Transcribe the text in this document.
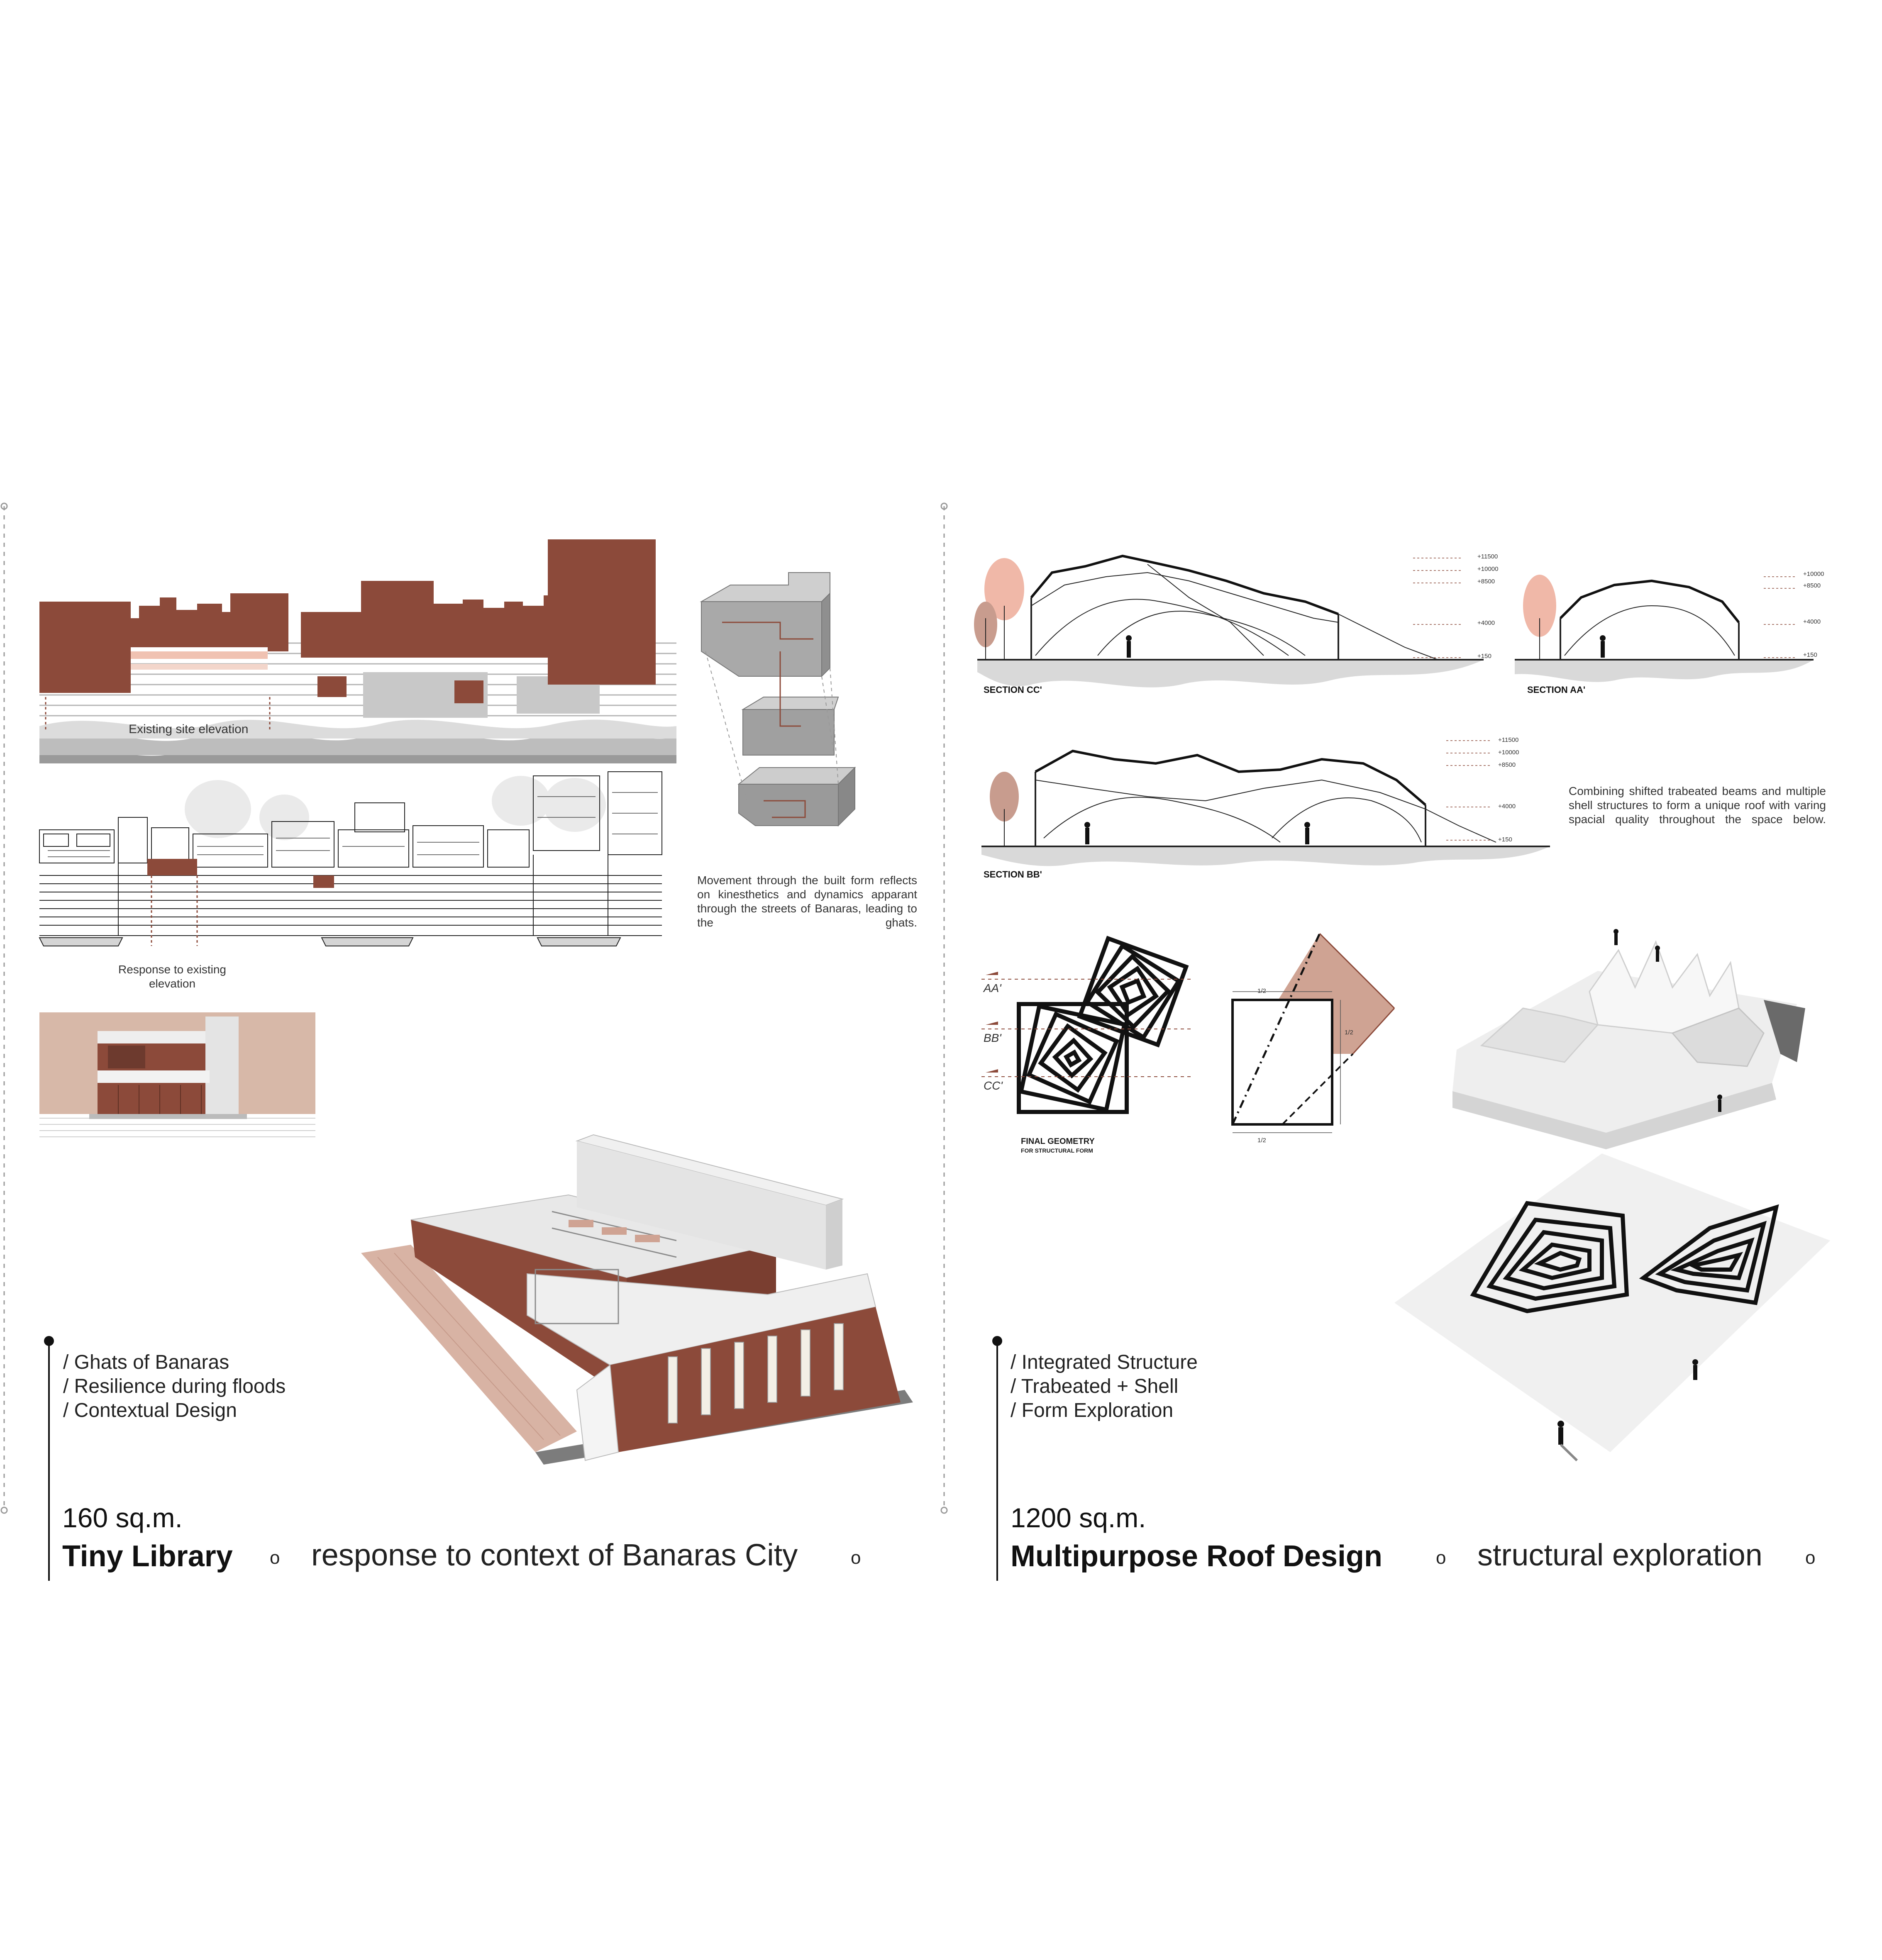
Existing site elevation
Response to existing elevation
Movement through the built form reflects on kinesthetics and dynamics apparant through the streets of Banaras, leading to the ghats.
/ Ghats of Banaras
/ Resilience during floods
/ Contextual Design
160 sq.m.
Tiny Library o response to context of Banaras City	o
+11500
+10000
+8500
+4000
+150
SECTION CC'
+10000
+8500
+4000
+150
SECTION AA'
+11500
+10000
+8500
+4000
+150
SECTION BB'
Combining shifted trabeated beams and multiple shell structures to form a unique roof with varing spacial quality throughout the space below.
AA'
BB'
CC'
FINAL GEOMETRY
FOR STRUCTURAL FORM
1/2
1/2
1/2
/ Integrated Structure
/ Trabeated + Shell
/ Form Exploration
1200 sq.m.
Multipurpose Roof Design	o structural exploration o
